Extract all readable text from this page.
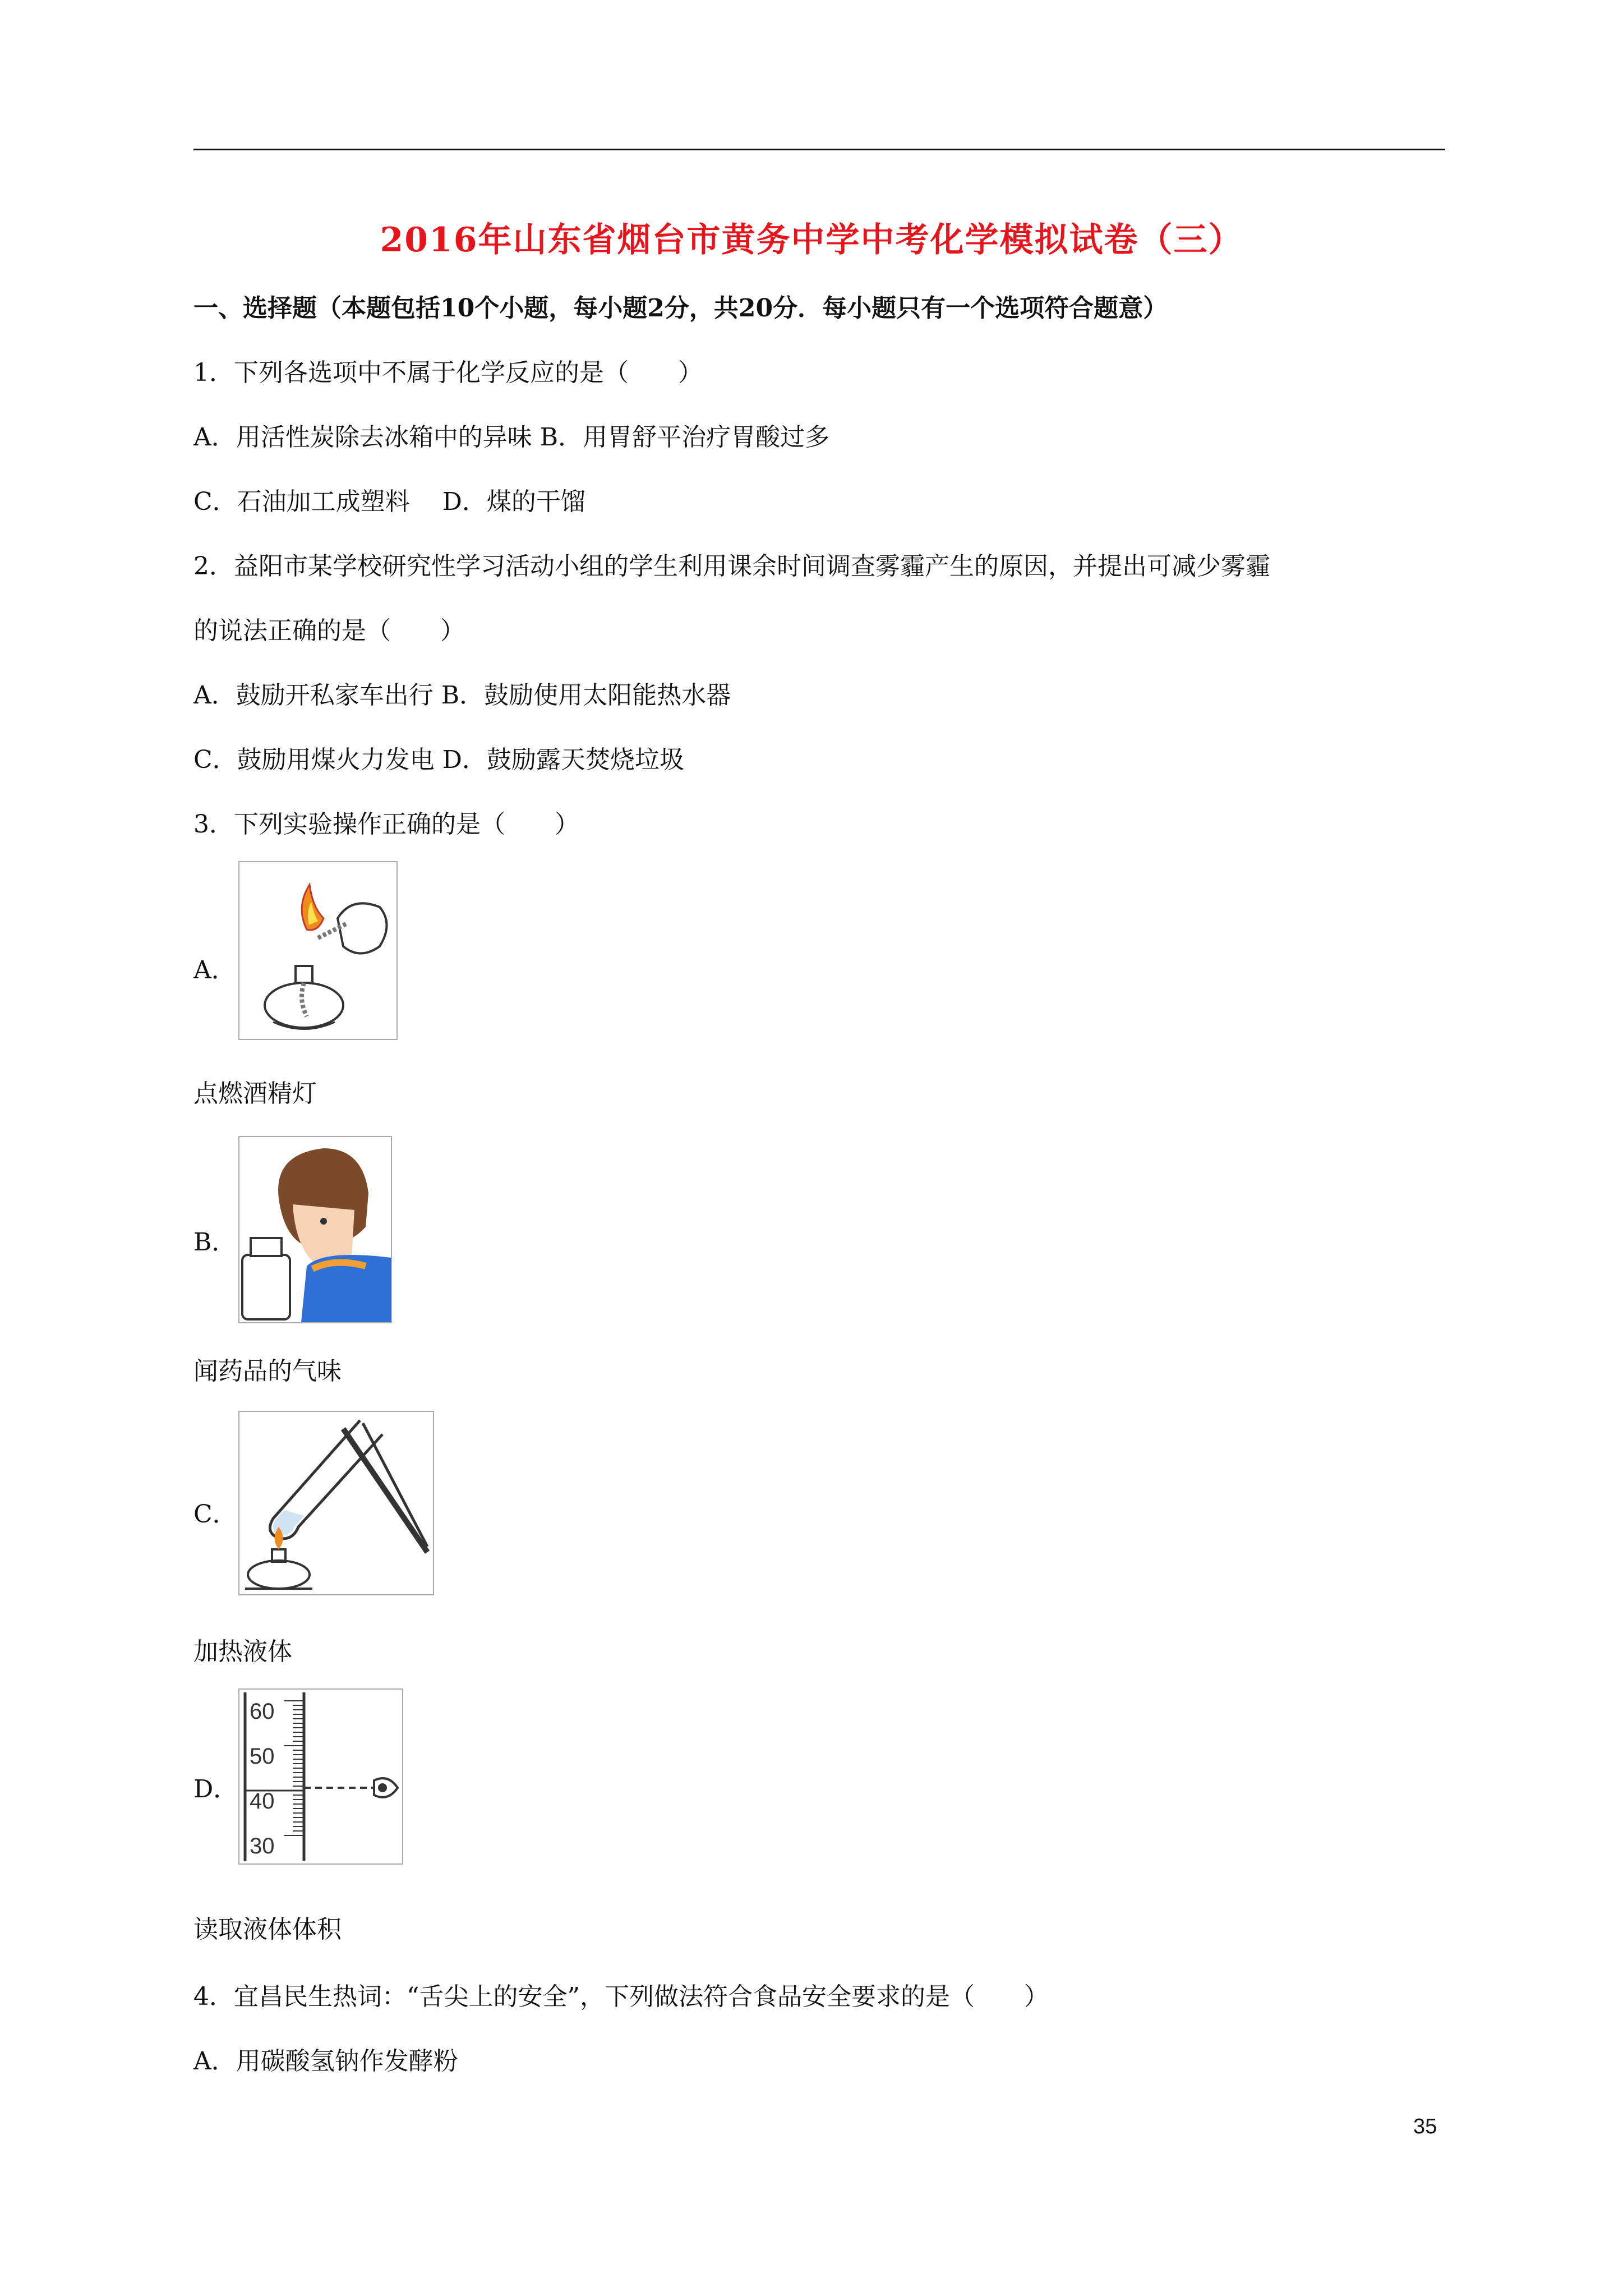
2016年山东省烟台市黄务中学中考化学模拟试卷（三）
一、选择题（本题包括10个小题，每小题2分，共20分．每小题只有一个选项符合题意）
1．下列各选项中不属于化学反应的是（　　）
A．用活性炭除去冰箱中的异味 B．用胃舒平治疗胃酸过多
C．石油加工成塑料　 D．煤的干馏
2．益阳市某学校研究性学习活动小组的学生利用课余时间调查雾霾产生的原因，并提出可减少雾霾
的说法正确的是（　　）
A．鼓励开私家车出行 B．鼓励使用太阳能热水器
C．鼓励用煤火力发电 D．鼓励露天焚烧垃圾
3．下列实验操作正确的是（　　）
A．
点燃酒精灯
B．
闻药品的气味
C．
加热液体
D．
60
50
40
30
读取液体体积
4．宜昌民生热词：“舌尖上的安全”，下列做法符合食品安全要求的是（　　）
A．用碳酸氢钠作发酵粉
35
